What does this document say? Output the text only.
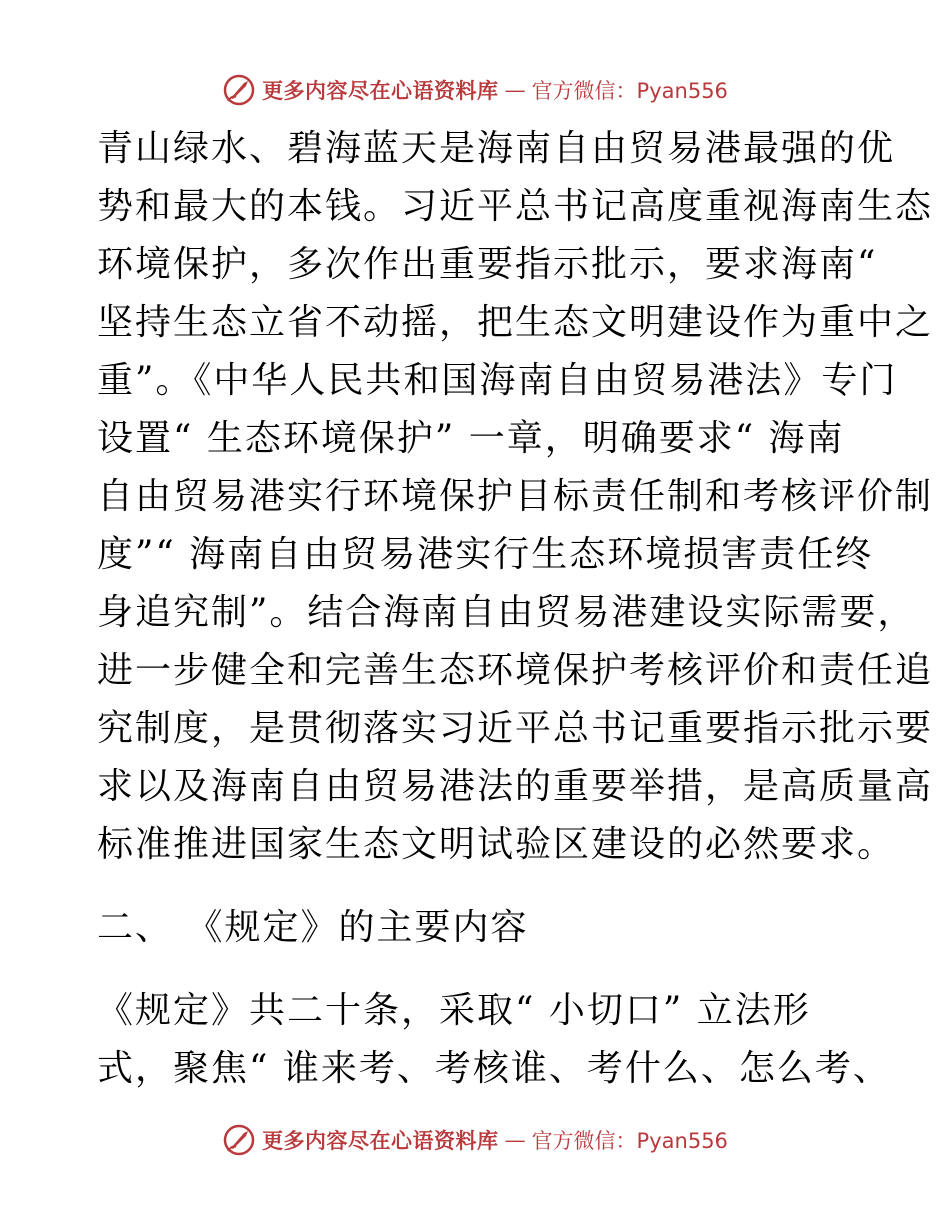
更多内容尽在心语资料库 — 官方微信：Pyan556
青山绿水、碧海蓝天是海南自由贸易港最强的优
势和最大的本钱。习近平总书记高度重视海南生态
环境保护，多次作出重要指示批示，要求海南“
坚持生态立省不动摇，把生态文明建设作为重中之
重”。《中华人民共和国海南自由贸易港法》专门
设置“ 生态环境保护” 一章，明确要求“ 海南
自由贸易港实行环境保护目标责任制和考核评价制
度”“ 海南自由贸易港实行生态环境损害责任终
身追究制”。结合海南自由贸易港建设实际需要，
进一步健全和完善生态环境保护考核评价和责任追
究制度，是贯彻落实习近平总书记重要指示批示要
求以及海南自由贸易港法的重要举措，是高质量高
标准推进国家生态文明试验区建设的必然要求。
二、 《规定》的主要内容
《规定》共二十条，采取“ 小切口” 立法形
式，聚焦“ 谁来考、考核谁、考什么、怎么考、
更多内容尽在心语资料库 — 官方微信：Pyan556
